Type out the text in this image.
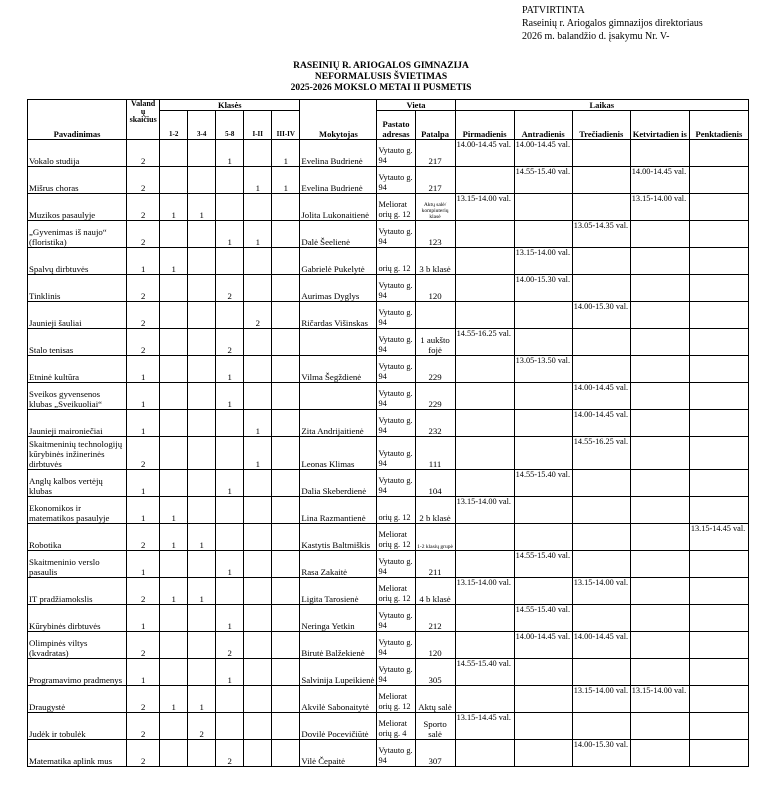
PATVIRTINTA
Raseinių r. Ariogalos gimnazijos direktoriaus
2026 m. balandžio d. įsakymu Nr. V-
RASEINIŲ R. ARIOGALOS GIMNAZIJA
NEFORMALUSIS ŠVIETIMAS
2025-2026 MOKSLO METAI II PUSMETIS
Pavadinimas	Valand ų skaičius	Klasės					Mokytojas	Vieta		Laikas				
		1-2	3-4	5-8	I-II	III-IV		Pastato adresas	Patalpa	Pirmadienis	Antradienis	Trečiadienis	Ketvirtadien is	Penktadienis
Vokalo studija	2			1		1	Evelina Budrienė	Vytauto g. 94	217	14.00-14.45 val.	14.00-14.45 val.			
Mišrus choras	2				1	1	Evelina Budrienė	Vytauto g. 94	217		14.55-15.40 val.		14.00-14.45 val.	
Muzikos pasaulyje	2	1	1				Jolita Lukonaitienė	Meliorat orių g. 12	Aktų salė/ kompiuterių klasė	13.15-14.00 val.			13.15-14.00 val.	
„Gyvenimas iš naujo“ (floristika)	2			1	1		Dalė Šeelienė	Vytauto g. 94	123			13.05-14.35 val.		
Spalvų dirbtuvės	1	1					Gabrielė Pukelytė	orių g. 12	3 b klasė		13.15-14.00 val.			
Tinklinis	2			2			Aurimas Dyglys	Vytauto g. 94	120		14.00-15.30 val.			
Jaunieji šauliai	2				2		Ričardas Višinskas	Vytauto g. 94				14.00-15.30 val.		
Stalo tenisas	2			2				Vytauto g. 94	1 aukšto fojė	14.55-16.25 val.				
Etninė kultūra	1			1			Vilma Šegždienė	Vytauto g. 94	229		13.05-13.50 val.			
Sveikos gyvensenos klubas „Sveikuoliai“	1			1				Vytauto g. 94	229			14.00-14.45 val.		
Jaunieji maironiečiai	1				1		Zita Andrijaitienė	Vytauto g. 94	232			14.00-14.45 val.		
Skaitmeninių technologijų kūrybinės inžinerinės dirbtuvės	2				1		Leonas Klimas	Vytauto g. 94	111			14.55-16.25 val.		
Anglų kalbos vertėjų klubas	1			1			Dalia Skeberdienė	Vytauto g. 94	104		14.55-15.40 val.			
Ekonomikos ir matematikos pasaulyje	1	1					Lina Razmantienė	orių g. 12	2 b klasė	13.15-14.00 val.				
Robotika	2	1	1				Kastytis Baltmiškis	Meliorat orių g. 12	1-2 klasių grupė					13.15-14.45 val.
Skaitmeninio verslo pasaulis	1			1			Rasa Zakaitė	Vytauto g. 94	211		14.55-15.40 val.			
IT pradžiamokslis	2	1	1				Ligita Tarosienė	Meliorat orių g. 12	4 b klasė	13.15-14.00 val.		13.15-14.00 val.		
Kūrybinės dirbtuvės	1			1			Neringa Yetkin	Vytauto g. 94	212		14.55-15.40 val.			
Olimpinės viltys (kvadratas)	2			2			Birutė Balžekienė	Vytauto g. 94	120		14.00-14.45 val.	14.00-14.45 val.		
Programavimo pradmenys	1			1			Salvinija Lupeikienė	Vytauto g. 94	305	14.55-15.40 val.				
Draugystė	2	1	1				Akvilė Sabonaitytė	Meliorat orių g. 12	Aktų salė			13.15-14.00 val.	13.15-14.00 val.	
Judėk ir tobulėk	2		2				Dovilė Pocevičiūtė	Meliorat orių g. 4	Sporto salė	13.15-14.45 val.				
Matematika aplink mus	2			2			Vilė Čepaitė	Vytauto g. 94	307			14.00-15.30 val.		
